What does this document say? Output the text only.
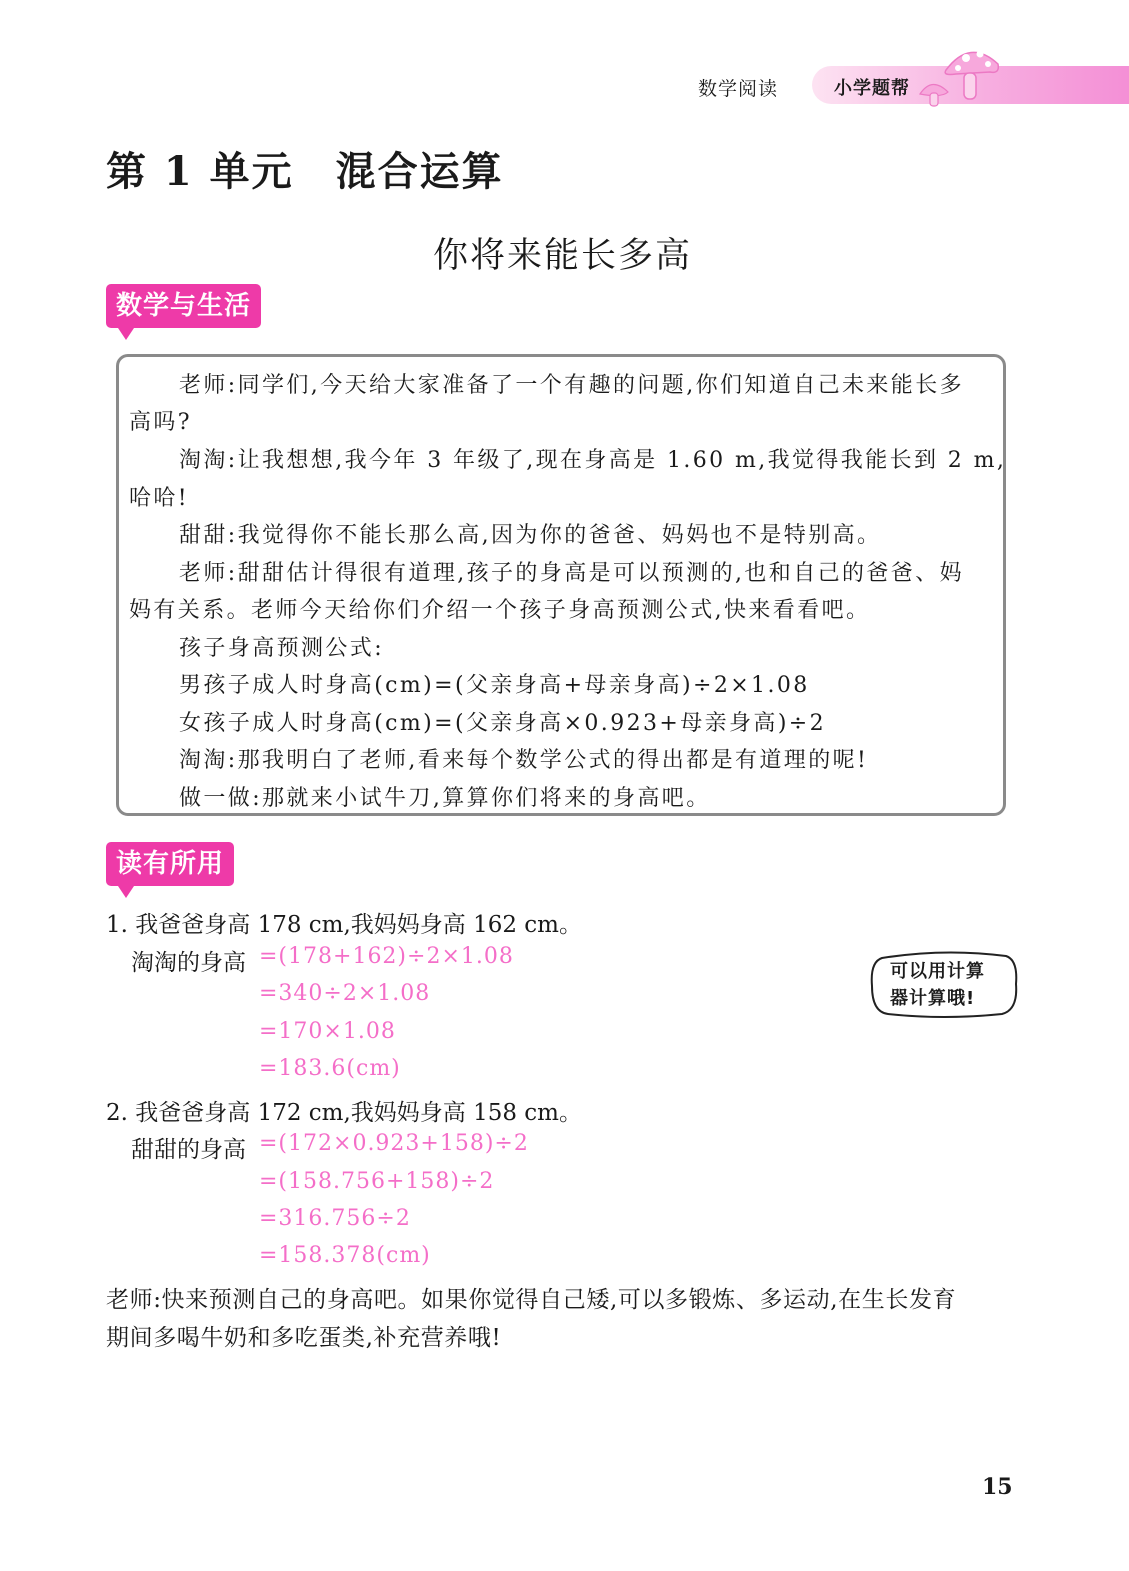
数学阅读	小学题帮
第 1 单元　混合运算
你将来能长多高
数学与生活
老师:同学们,今天给大家准备了一个有趣的问题,你们知道自己未来能长多
高吗?
淘淘:让我想想,我今年 3 年级了,现在身高是 1.60 m,我觉得我能长到 2 m,
哈哈!
甜甜:我觉得你不能长那么高,因为你的爸爸、妈妈也不是特别高。
老师:甜甜估计得很有道理,孩子的身高是可以预测的,也和自己的爸爸、妈
妈有关系。老师今天给你们介绍一个孩子身高预测公式,快来看看吧。
孩子身高预测公式:
男孩子成人时身高(cm)=(父亲身高+母亲身高)÷2×1.08
女孩子成人时身高(cm)=(父亲身高×0.923+母亲身高)÷2
淘淘:那我明白了老师,看来每个数学公式的得出都是有道理的呢!
做一做:那就来小试牛刀,算算你们将来的身高吧。
读有所用
1. 我爸爸身高 178 cm,我妈妈身高 162 cm。
淘淘的身高 =(178+162)÷2×1.08
=340÷2×1.08
=170×1.08
=183.6(cm)
可以用计算
器计算哦!
2. 我爸爸身高 172 cm,我妈妈身高 158 cm。
甜甜的身高 =(172×0.923+158)÷2
=(158.756+158)÷2
=316.756÷2
=158.378(cm)
老师:快来预测自己的身高吧。如果你觉得自己矮,可以多锻炼、多运动,在生长发育
期间多喝牛奶和多吃蛋类,补充营养哦!
15
